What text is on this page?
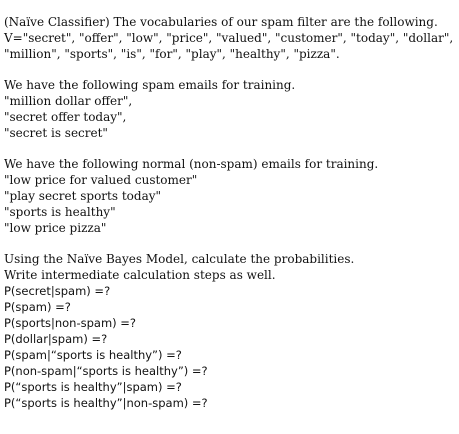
(Naïve Classifier) The vocabularies of our spam filter are the following.

V="secret", "offer", "low", "price", "valued", "customer", "today", "dollar",

"million", "sports", "is", "for", "play", "healthy", "pizza".

We have the following spam emails for training.

"million dollar offer",

"secret offer today",

"secret is secret"

We have the following normal (non-spam) emails for training.

"low price for valued customer"

"play secret sports today"

"sports is healthy"

"low price pizza"

Using the Naïve Bayes Model, calculate the probabilities.

Write intermediate calculation steps as well.

P(secret|spam) =?

P(spam) =?

P(sports|non-spam) =?

P(dollar|spam) =?

P(spam|“sports is healthy”) =?

P(non-spam|“sports is healthy”) =?

P(“sports is healthy”|spam) =?

P(“sports is healthy”|non-spam) =?
